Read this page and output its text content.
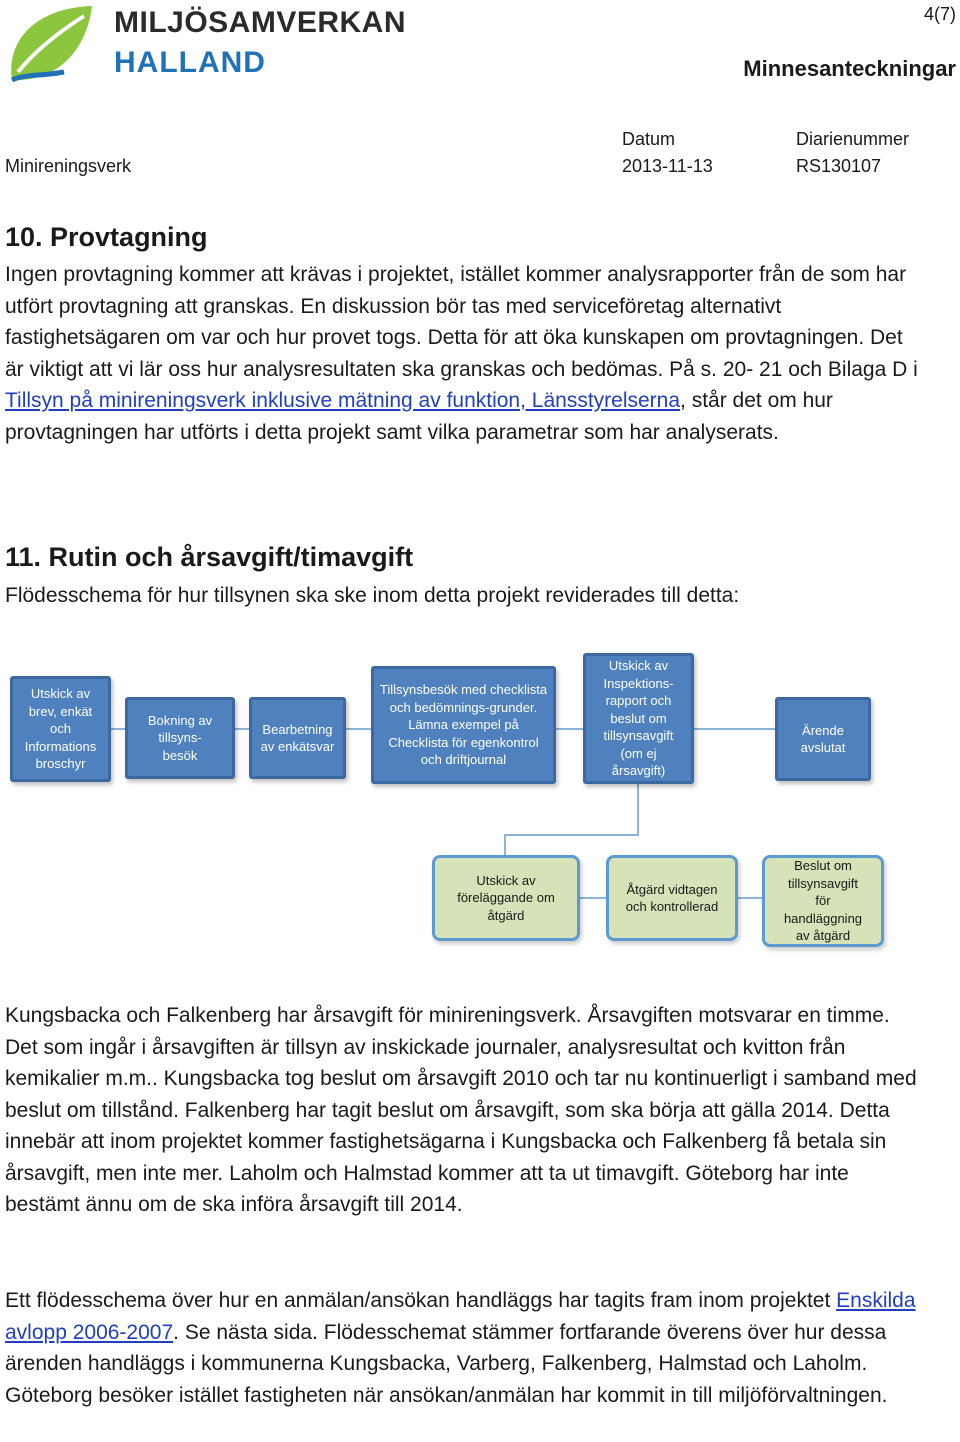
MILJÖSAMVERKAN
HALLAND
4(7)
Minnesanteckningar
Minireningsverk
Datum
2013-11-13
Diarienummer
RS130107
10. Provtagning
Ingen provtagning kommer att krävas i projektet, istället kommer analysrapporter från de som har utfört provtagning att granskas. En diskussion bör tas med serviceföretag alternativt fastighetsägaren om var och hur provet togs. Detta för att öka kunskapen om provtagningen. Det är viktigt att vi lär oss hur analysresultaten ska granskas och bedömas. På s. 20- 21 och Bilaga D i Tillsyn på minireningsverk inklusive mätning av funktion, Länsstyrelserna, står det om hur provtagningen har utförts i detta projekt samt vilka parametrar som har analyserats.
11. Rutin och årsavgift/timavgift
Flödesschema för hur tillsynen ska ske inom detta projekt reviderades till detta:
Utskick av
brev, enkät
och
Informations
broschyr
Bokning av
tillsyns-
besök
Bearbetning
av enkätsvar
Tillsynsbesök med checklista
och bedömnings-grunder.
Lämna exempel på
Checklista för egenkontrol
och driftjournal
Utskick av
Inspektions-
rapport och
beslut om
tillsynsavgift
(om ej
årsavgift)
Ärende
avslutat
Utskick av
föreläggande om
åtgärd
Åtgärd vidtagen
och kontrollerad
Beslut om
tillsynsavgift
för
handläggning
av åtgärd
Kungsbacka och Falkenberg har årsavgift för minireningsverk. Årsavgiften motsvarar en timme. Det som ingår i årsavgiften är tillsyn av inskickade journaler, analysresultat och kvitton från kemikalier m.m.. Kungsbacka tog beslut om årsavgift 2010 och tar nu kontinuerligt i samband med beslut om tillstånd. Falkenberg har tagit beslut om årsavgift, som ska börja att gälla 2014. Detta innebär att inom projektet kommer fastighetsägarna i Kungsbacka och Falkenberg få betala sin årsavgift, men inte mer. Laholm och Halmstad kommer att ta ut timavgift. Göteborg har inte bestämt ännu om de ska införa årsavgift till 2014.
Ett flödesschema över hur en anmälan/ansökan handläggs har tagits fram inom projektet Enskilda avlopp 2006-2007. Se nästa sida. Flödesschemat stämmer fortfarande överens över hur dessa ärenden handläggs i kommunerna Kungsbacka, Varberg, Falkenberg, Halmstad och Laholm. Göteborg besöker istället fastigheten när ansökan/anmälan har kommit in till miljöförvaltningen.
